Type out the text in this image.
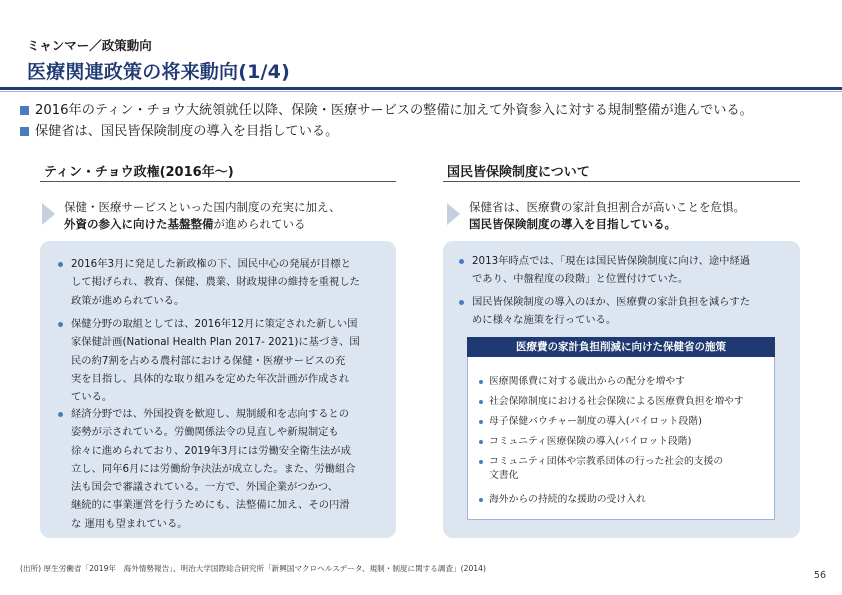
ミャンマー／政策動向
医療関連政策の将来動向(1/4)
2016年のティン・チョウ大統領就任以降、保険・医療サービスの整備に加えて外資参入に対する規制整備が進んでいる。
保健省は、国民皆保険制度の導入を目指している。
ティン・チョウ政権(2016年～)
保健・医療サービスといった国内制度の充実に加え、
外資の参入に向けた基盤整備が進められている
2016年3月に発足した新政権の下、国民中心の発展が目標と
して掲げられ、教育、保健、農業、財政規律の維持を重視した
政策が進められている。
保健分野の取組としては、2016年12月に策定された新しい国
家保健計画(National Health Plan 2017- 2021)に基づき、国
民の約7割を占める農村部における保健・医療サービスの充
実を目指し、具体的な取り組みを定めた年次計画が作成され
ている。
経済分野では、外国投資を歓迎し、規制緩和を志向するとの
姿勢が示されている。労働関係法令の見直しや新規制定も
徐々に進められており、2019年3月には労働安全衛生法が成
立し、同年6月には労働紛争決法が成立した。また、労働組合
法も国会で審議されている。一方で、外国企業がつかつ、
継続的に事業運営を行うためにも、法整備に加え、その円滑
な 運用も望まれている。
国民皆保険制度について
保健省は、医療費の家計負担割合が高いことを危惧。
国民皆保険制度の導入を目指している。
2013年時点では、「現在は国民皆保険制度に向け、途中経過
であり、中盤程度の段階」と位置付けていた。
国民皆保険制度の導入のほか、医療費の家計負担を減らすた
めに様々な施策を行っている。
医療費の家計負担削減に向けた保健省の施策
医療関係費に対する歳出からの配分を増やす
社会保障制度における社会保険による医療費負担を増やす
母子保健バウチャー制度の導入(パイロット段階)
コミュニティ医療保険の導入(パイロット段階)
コミュニティ団体や宗教系団体の行った社会的支援の
文書化
海外からの持続的な援助の受け入れ
(出所) 厚生労働省「2019年　海外情勢報告」、明治大学国際総合研究所「新興国マクロヘルスデータ、規制・制度に関する調査」(2014)
56
